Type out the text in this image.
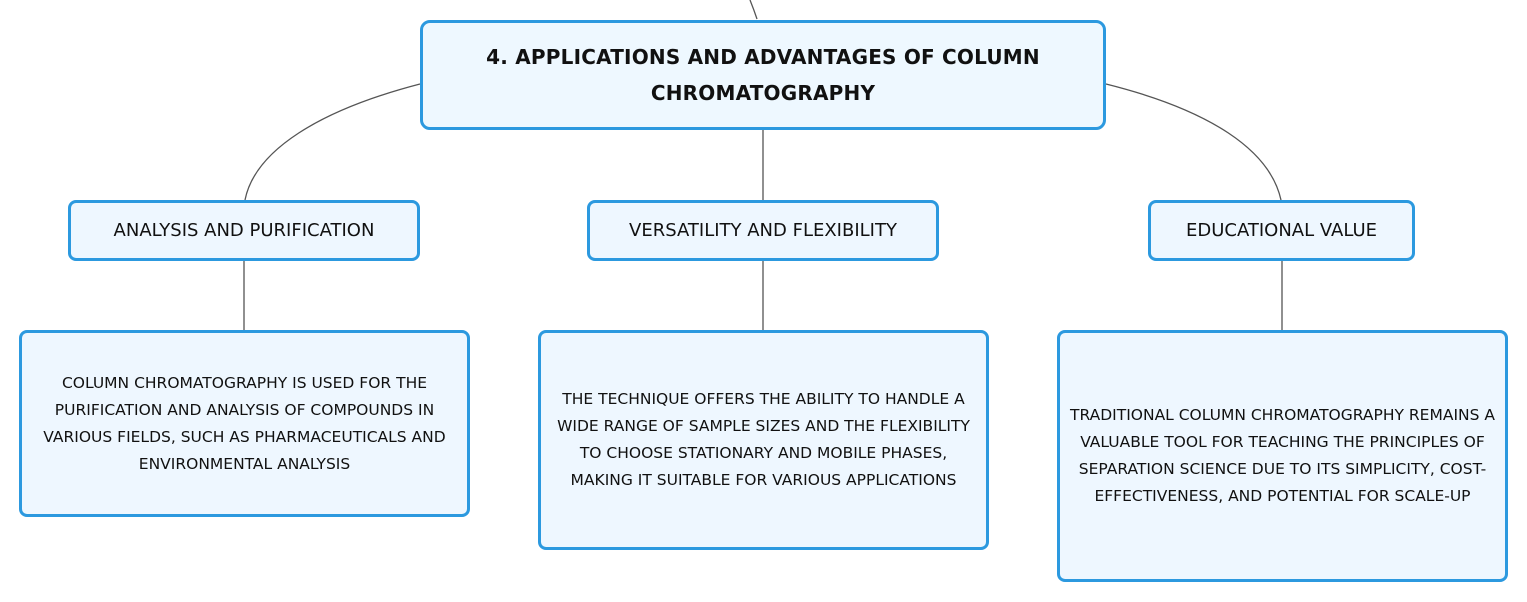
4. APPLICATIONS AND ADVANTAGES OF COLUMN CHROMATOGRAPHY
ANALYSIS AND PURIFICATION	VERSATILITY AND FLEXIBILITY	EDUCATIONAL VALUE
COLUMN CHROMATOGRAPHY IS USED FOR THE PURIFICATION AND ANALYSIS OF COMPOUNDS IN VARIOUS FIELDS, SUCH AS PHARMACEUTICALS AND ENVIRONMENTAL ANALYSIS
THE TECHNIQUE OFFERS THE ABILITY TO HANDLE A WIDE RANGE OF SAMPLE SIZES AND THE FLEXIBILITY TO CHOOSE STATIONARY AND MOBILE PHASES, MAKING IT SUITABLE FOR VARIOUS APPLICATIONS
TRADITIONAL COLUMN CHROMATOGRAPHY REMAINS A VALUABLE TOOL FOR TEACHING THE PRINCIPLES OF SEPARATION SCIENCE DUE TO ITS SIMPLICITY, COST-EFFECTIVENESS, AND POTENTIAL FOR SCALE-UP
